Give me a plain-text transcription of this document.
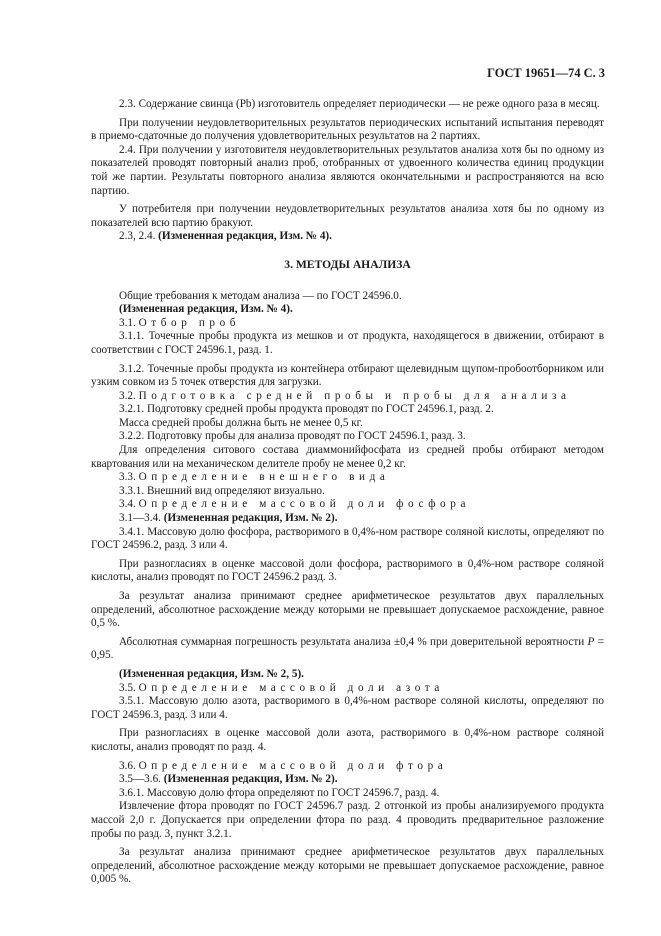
ГОСТ 19651—74 С. 3

2.3. Содержание свинца (Pb) изготовитель определяет периодически — не реже одного раза в месяц.

При получении неудовлетворительных результатов периодических испытаний испытания переводят в приемо-сдаточные до получения удовлетворительных результатов на 2 партиях.

2.4. При получении у изготовителя неудовлетворительных результатов анализа хотя бы по одному из показателей проводят повторный анализ проб, отобранных от удвоенного количества единиц продукции той же партии. Результаты повторного анализа являются окончательными и распространяются на всю партию.

У потребителя при получении неудовлетворительных результатов анализа хотя бы по одному из показателей всю партию бракуют.

2.3, 2.4. (Измененная редакция, Изм. № 4).

3. МЕТОДЫ АНАЛИЗА

Общие требования к методам анализа — по ГОСТ 24596.0.

(Измененная редакция, Изм. № 4).

3.1. Отбор проб

3.1.1. Точечные пробы продукта из мешков и от продукта, находящегося в движении, отбирают в соответствии с ГОСТ 24596.1, разд. 1.

3.1.2. Точечные пробы продукта из контейнера отбирают щелевидным щупом-пробоотборником или узким совком из 5 точек отверстия для загрузки.

3.2. Подготовка средней пробы и пробы для анализа

3.2.1. Подготовку средней пробы продукта проводят по ГОСТ 24596.1, разд. 2.

Масса средней пробы должна быть не менее 0,5 кг.

3.2.2. Подготовку пробы для анализа проводят по ГОСТ 24596.1, разд. 3.

Для определения ситового состава диаммонийфосфата из средней пробы отбирают методом квартования или на механическом делителе пробу не менее 0,2 кг.

3.3. Определение внешнего вида

3.3.1. Внешний вид определяют визуально.

3.4. Определение массовой доли фосфора

3.1—3.4. (Измененная редакция, Изм. № 2).

3.4.1. Массовую долю фосфора, растворимого в 0,4%-ном растворе соляной кислоты, определяют по ГОСТ 24596.2, разд. 3 или 4.

При разногласиях в оценке массовой доли фосфора, растворимого в 0,4%-ном растворе соляной кислоты, анализ проводят по ГОСТ 24596.2 разд. 3.

За результат анализа принимают среднее арифметическое результатов двух параллельных определений, абсолютное расхождение между которыми не превышает допускаемое расхождение, равное 0,5 %.

Абсолютная суммарная погрешность результата анализа ±0,4 % при доверительной вероятности P = 0,95.

(Измененная редакция, Изм. № 2, 5).

3.5. Определение массовой доли азота

3.5.1. Массовую долю азота, растворимого в 0,4%-ном растворе соляной кислоты, определяют по ГОСТ 24596.3, разд. 3 или 4.

При разногласиях в оценке массовой доли азота, растворимого в 0,4%-ном растворе соляной кислоты, анализ проводят по разд. 4.

3.6. Определение массовой доли фтора

3.5—3.6. (Измененная редакция, Изм. № 2).

3.6.1. Массовую долю фтора определяют по ГОСТ 24596.7, разд. 4.

Извлечение фтора проводят по ГОСТ 24596.7 разд. 2 отгонкой из пробы анализируемого продукта массой 2,0 г. Допускается при определении фтора по разд. 4 проводить предварительное разложение пробы по разд. 3, пункт 3.2.1.

За результат анализа принимают среднее арифметическое результатов двух параллельных определений, абсолютное расхождение между которыми не превышает допускаемое расхождение, равное 0,005 %.
